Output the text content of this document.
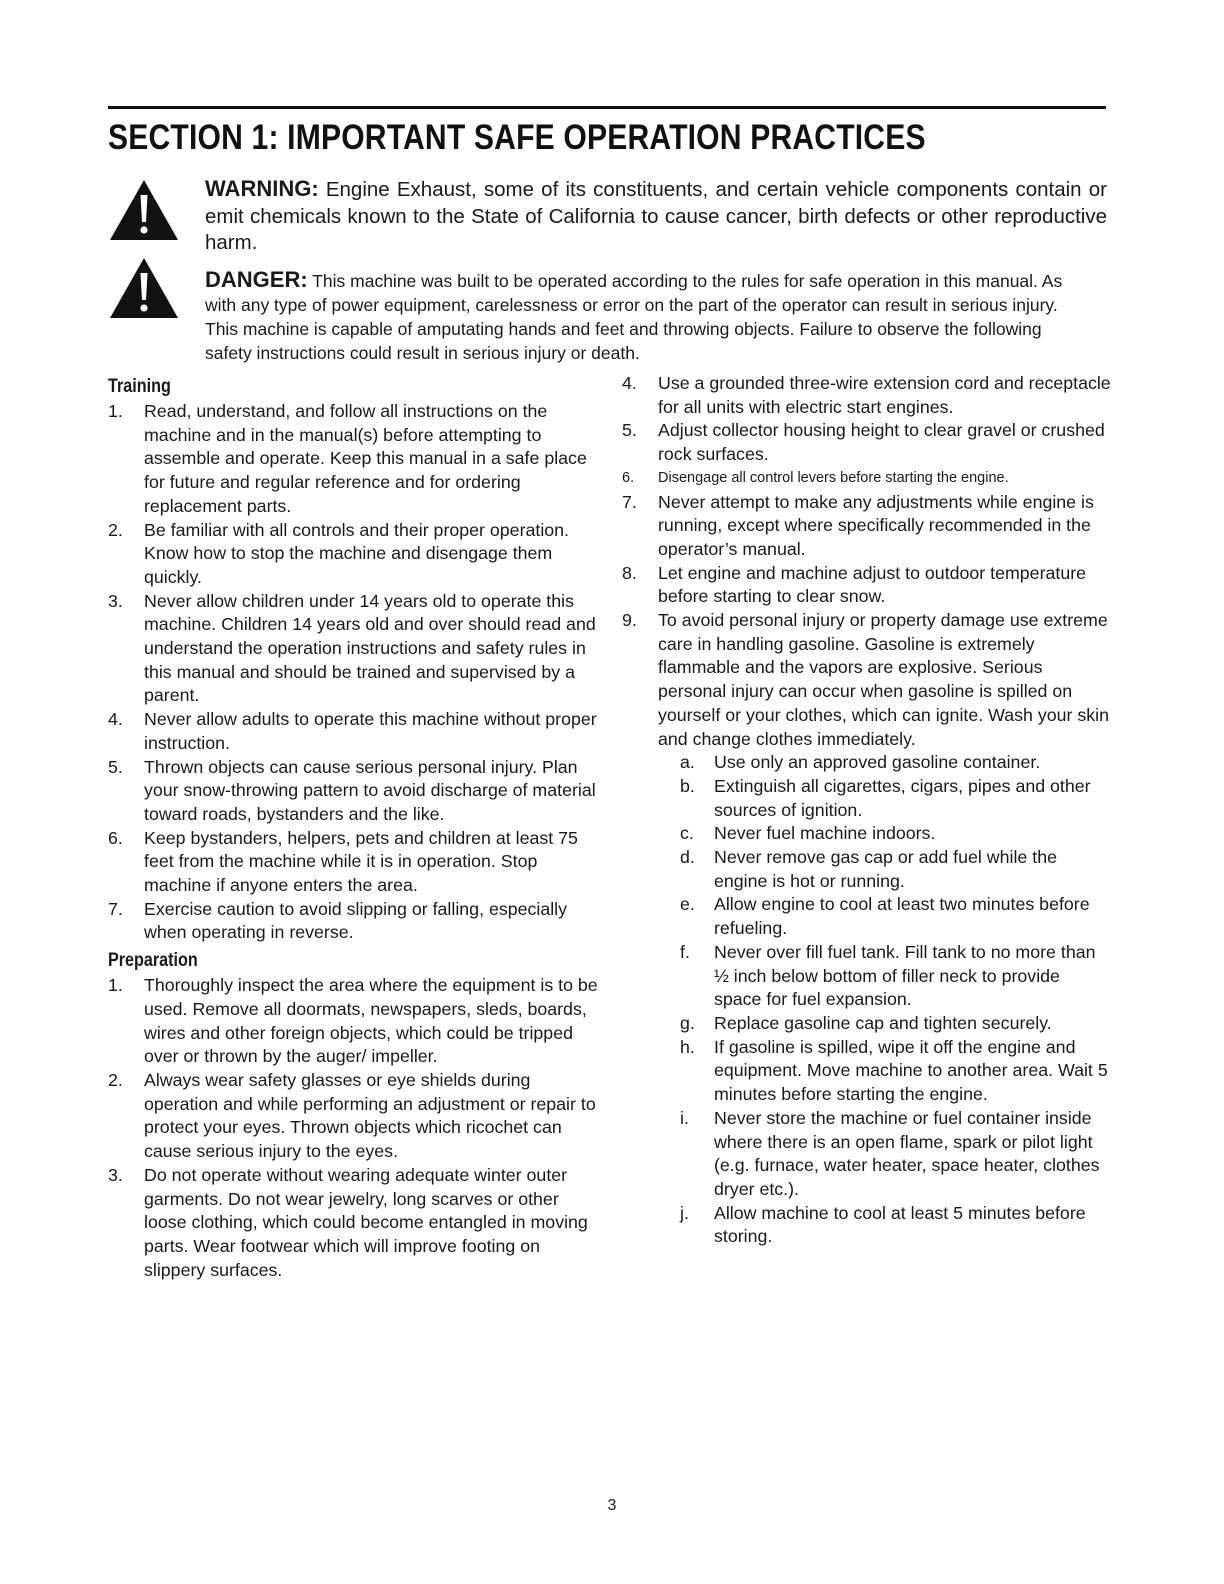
SECTION 1: IMPORTANT SAFE OPERATION PRACTICES
WARNING: Engine Exhaust, some of its constituents, and certain vehicle components contain or emit chemicals known to the State of California to cause cancer, birth defects or other reproductive harm.
DANGER: This machine was built to be operated according to the rules for safe operation in this manual. As with any type of power equipment, carelessness or error on the part of the operator can result in serious injury. This machine is capable of amputating hands and feet and throwing objects. Failure to observe the following safety instructions could result in serious injury or death.
Training
1. Read, understand, and follow all instructions on the machine and in the manual(s) before attempting to assemble and operate. Keep this manual in a safe place for future and regular reference and for ordering replacement parts.
2. Be familiar with all controls and their proper operation. Know how to stop the machine and disengage them quickly.
3. Never allow children under 14 years old to operate this machine. Children 14 years old and over should read and understand the operation instructions and safety rules in this manual and should be trained and supervised by a parent.
4. Never allow adults to operate this machine without proper instruction.
5. Thrown objects can cause serious personal injury. Plan your snow-throwing pattern to avoid discharge of material toward roads, bystanders and the like.
6. Keep bystanders, helpers, pets and children at least 75 feet from the machine while it is in operation. Stop machine if anyone enters the area.
7. Exercise caution to avoid slipping or falling, especially when operating in reverse.
Preparation
1. Thoroughly inspect the area where the equipment is to be used. Remove all doormats, newspapers, sleds, boards, wires and other foreign objects, which could be tripped over or thrown by the auger/ impeller.
2. Always wear safety glasses or eye shields during operation and while performing an adjustment or repair to protect your eyes. Thrown objects which ricochet can cause serious injury to the eyes.
3. Do not operate without wearing adequate winter outer garments. Do not wear jewelry, long scarves or other loose clothing, which could become entangled in moving parts. Wear footwear which will improve footing on slippery surfaces.
4. Use a grounded three-wire extension cord and receptacle for all units with electric start engines.
5. Adjust collector housing height to clear gravel or crushed rock surfaces.
6. Disengage all control levers before starting the engine.
7. Never attempt to make any adjustments while engine is running, except where specifically recommended in the operator’s manual.
8. Let engine and machine adjust to outdoor temperature before starting to clear snow.
9. To avoid personal injury or property damage use extreme care in handling gasoline. Gasoline is extremely flammable and the vapors are explosive. Serious personal injury can occur when gasoline is spilled on yourself or your clothes, which can ignite. Wash your skin and change clothes immediately.
a. Use only an approved gasoline container.
b. Extinguish all cigarettes, cigars, pipes and other sources of ignition.
c. Never fuel machine indoors.
d. Never remove gas cap or add fuel while the engine is hot or running.
e. Allow engine to cool at least two minutes before refueling.
f. Never over fill fuel tank. Fill tank to no more than ½ inch below bottom of filler neck to provide space for fuel expansion.
g. Replace gasoline cap and tighten securely.
h. If gasoline is spilled, wipe it off the engine and equipment. Move machine to another area. Wait 5 minutes before starting the engine.
i. Never store the machine or fuel container inside where there is an open flame, spark or pilot light (e.g. furnace, water heater, space heater, clothes dryer etc.).
j. Allow machine to cool at least 5 minutes before storing.
3
